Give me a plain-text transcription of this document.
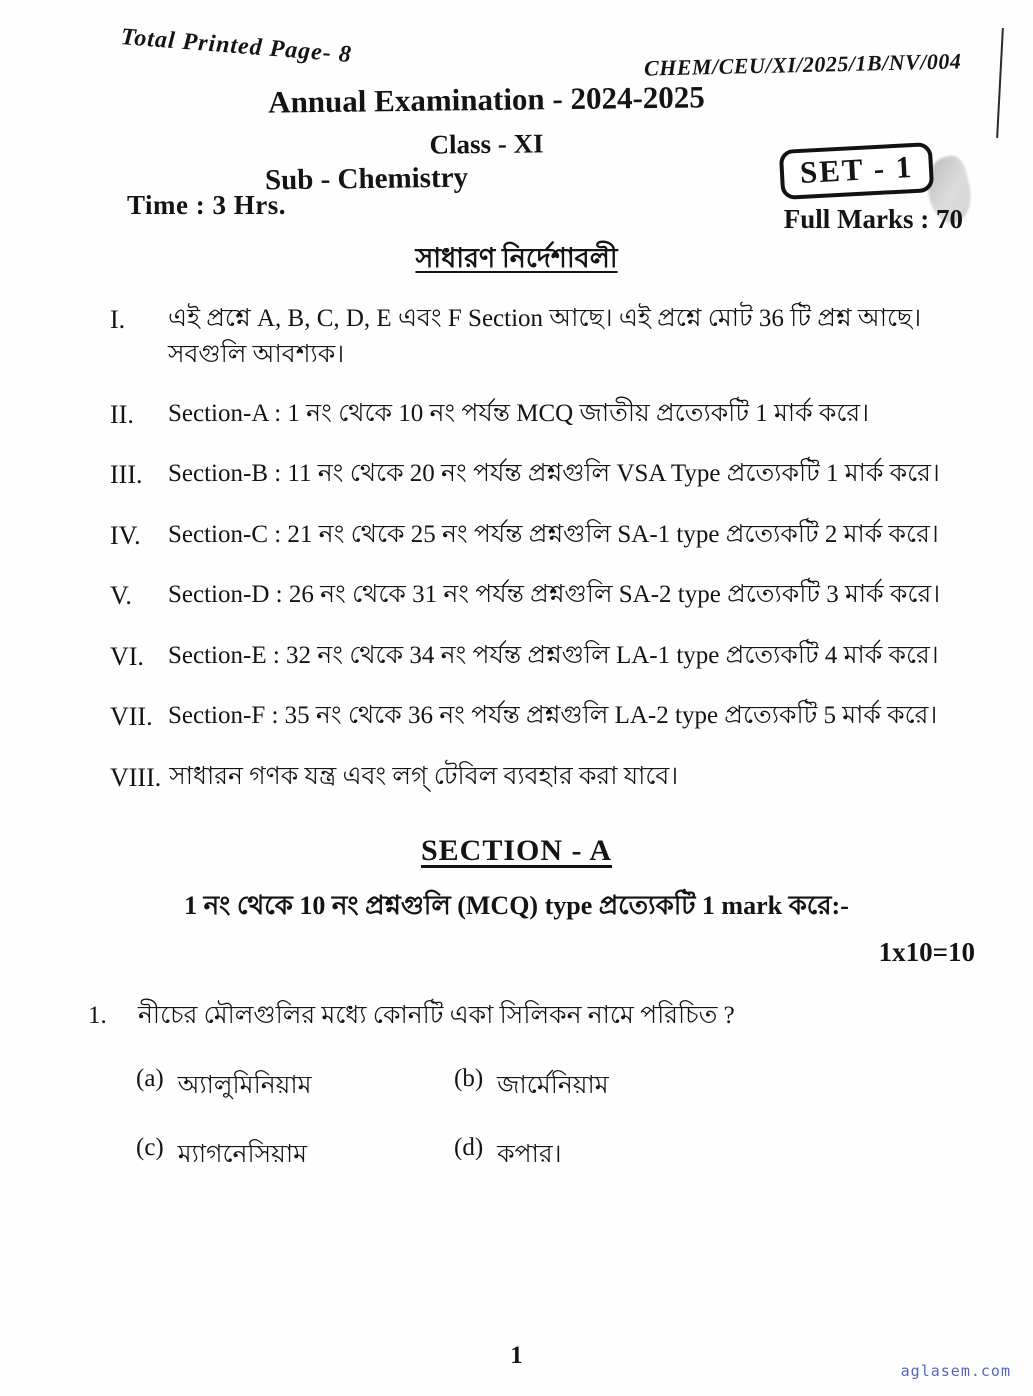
Total Printed Page- 8	CHEM/CEU/XI/2025/1B/NV/004
Annual Examination - 2024-2025
Class - XI
Sub - Chemistry	SET - 1
Time : 3 Hrs.	Full Marks : 70
সাধারণ নির্দেশাবলী
I.	এই প্রশ্নে A, B, C, D, E এবং F Section আছে। এই প্রশ্নে মোট 36 টি প্রশ্ন আছে। সবগুলি আবশ্যক।
II.	Section-A : 1 নং থেকে 10 নং পর্যন্ত MCQ জাতীয় প্রত্যেকটি 1 মার্ক করে।
III.	Section-B : 11 নং থেকে 20 নং পর্যন্ত প্রশ্নগুলি VSA Type প্রত্যেকটি 1 মার্ক করে।
IV.	Section-C : 21 নং থেকে 25 নং পর্যন্ত প্রশ্নগুলি SA-1 type প্রত্যেকটি 2 মার্ক করে।
V.	Section-D : 26 নং থেকে 31 নং পর্যন্ত প্রশ্নগুলি SA-2 type প্রত্যেকটি 3 মার্ক করে।
VI. Section-E : 32 নং থেকে 34 নং পর্যন্ত প্রশ্নগুলি LA-1 type প্রত্যেকটি 4 মার্ক করে।
VII. Section-F : 35 নং থেকে 36 নং পর্যন্ত প্রশ্নগুলি LA-2 type প্রত্যেকটি 5 মার্ক করে।
VIII. সাধারন গণক যন্ত্র এবং লগ্ টেবিল ব্যবহার করা যাবে।
SECTION - A
1 নং থেকে 10 নং প্রশ্নগুলি (MCQ) type প্রত্যেকটি 1 mark করে:-
1x10=10
1.	নীচের মৌলগুলির মধ্যে কোনটি একা সিলিকন নামে পরিচিত ?
(a) অ্যালুমিনিয়াম	(b) জার্মেনিয়াম
(c) ম্যাগনেসিয়াম	(d) কপার।
1
aglasem.com
